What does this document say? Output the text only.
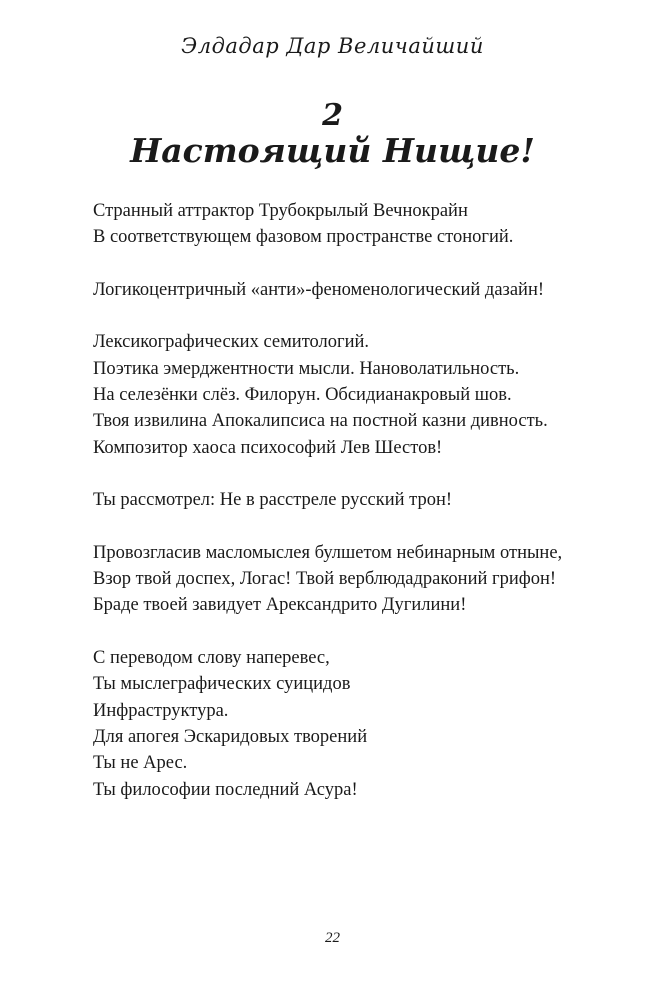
Элдадар Дар Величайший
2
Настоящий Нищие!
Странный аттрактор Трубокрылый Вечнокрайн
В соответствующем фазовом пространстве стоногий.
Логикоцентричный «анти»-феноменологический дазайн!
Лексикографических семитологий.
Поэтика эмерджентности мысли. Нановолатильность.
На селезёнки слёз. Филорун. Обсидианакровый шов.
Твоя извилина Апокалипсиса на постной казни дивность.
Композитор хаоса психософий Лев Шестов!
Ты рассмотрел: Не в расстреле русский трон!
Провозгласив масломыслея булшетом небинарным отныне,
Взор твой доспех, Логас! Твой верблюдадраконий грифон!
Браде твоей завидует Арександрито Дугилини!
С переводом слову наперевес,
Ты мыслеграфических суицидов
Инфраструктура.
Для апогея Эскаридовых творений
Ты не Арес.
Ты философии последний Асура!
22
